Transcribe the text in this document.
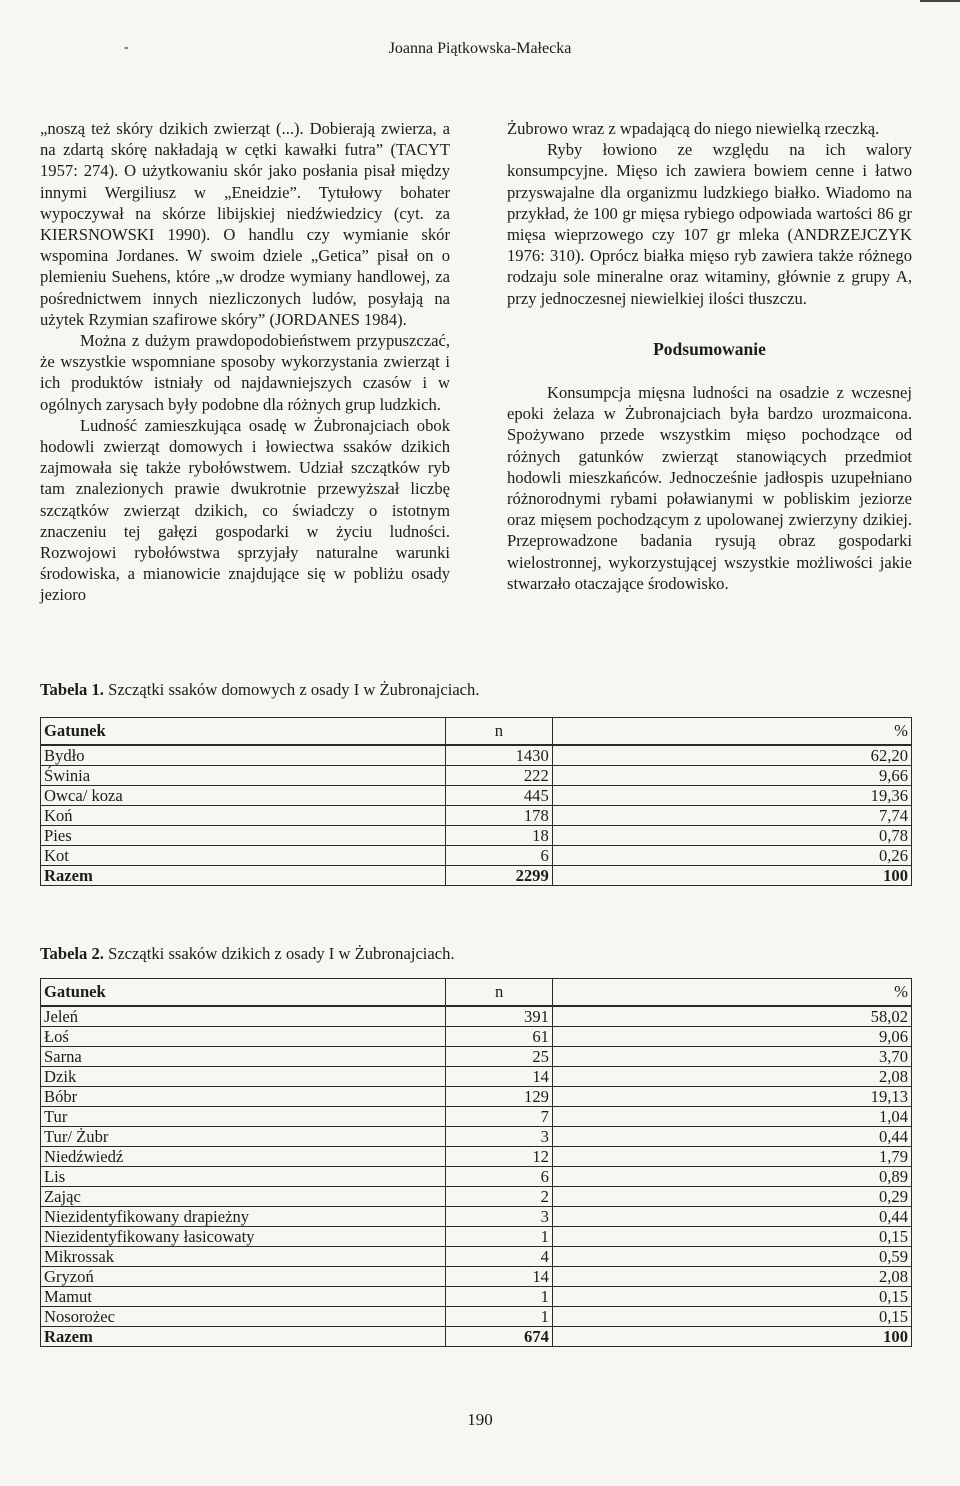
-	Joanna Piątkowska-Małecka

„noszą też skóry dzikich zwierząt (...). Dobierają zwierza, a na zdartą skórę nakładają w cętki kawałki futra” (TACYT 1957: 274). O użytkowaniu skór jako posłania pisał między innymi Wergiliusz w „Eneidzie”. Tytułowy bohater wypoczywał na skórze libijskiej niedźwiedzicy (cyt. za KIERSNOWSKI 1990). O handlu czy wymianie skór wspomina Jordanes. W swoim dziele „Getica” pisał on o plemieniu Suehens, które „w drodze wymiany handlowej, za pośrednictwem innych niezliczonych ludów, posyłają na użytek Rzymian szafirowe skóry” (JORDANES 1984).

Można z dużym prawdopodobieństwem przypuszczać, że wszystkie wspomniane sposoby wykorzystania zwierząt i ich produktów istniały od najdawniejszych czasów i w ogólnych zarysach były podobne dla różnych grup ludzkich.

Ludność zamieszkująca osadę w Żubronajciach obok hodowli zwierząt domowych i łowiectwa ssaków dzikich zajmowała się także rybołówstwem. Udział szczątków ryb tam znalezionych prawie dwukrotnie przewyższał liczbę szczątków zwierząt dzikich, co świadczy o istotnym znaczeniu tej gałęzi gospodarki w życiu ludności. Rozwojowi rybołówstwa sprzyjały naturalne warunki środowiska, a mianowicie znajdujące się w pobliżu osady jezioro

Żubrowo wraz z wpadającą do niego niewielką rzeczką.

Ryby łowiono ze względu na ich walory konsumpcyjne. Mięso ich zawiera bowiem cenne i łatwo przyswajalne dla organizmu ludzkiego białko. Wiadomo na przykład, że 100 gr mięsa rybiego odpowiada wartości 86 gr mięsa wieprzowego czy 107 gr mleka (ANDRZEJCZYK 1976: 310). Oprócz białka mięso ryb zawiera także różnego rodzaju sole mineralne oraz witaminy, głównie z grupy A, przy jednoczesnej niewielkiej ilości tłuszczu.

Podsumowanie

Konsumpcja mięsna ludności na osadzie z wczesnej epoki żelaza w Żubronajciach była bardzo urozmaicona. Spożywano przede wszystkim mięso pochodzące od różnych gatunków zwierząt stanowiących przedmiot hodowli mieszkańców. Jednocześnie jadłospis uzupełniano różnorodnymi rybami poławianymi w pobliskim jeziorze oraz mięsem pochodzącym z upolowanej zwierzyny dzikiej. Przeprowadzone badania rysują obraz gospodarki wielostronnej, wykorzystującej wszystkie możliwości jakie stwarzało otaczające środowisko.

Tabela 1. Szczątki ssaków domowych z osady I w Żubronajciach.
Gatunek	n	%
Bydło	1430	62,20
Świnia	222	9,66
Owca/ koza	445	19,36
Koń	178	7,74
Pies	18	0,78
Kot	6	0,26
Razem	2299	100
Tabela 2. Szczątki ssaków dzikich z osady I w Żubronajciach.
Gatunek	n	%
Jeleń	391	58,02
Łoś	61	9,06
Sarna	25	3,70
Dzik	14	2,08
Bóbr	129	19,13
Tur	7	1,04
Tur/ Żubr	3	0,44
Niedźwiedź	12	1,79
Lis	6	0,89
Zając	2	0,29
Niezidentyfikowany drapieżny	3	0,44
Niezidentyfikowany łasicowaty	1	0,15
Mikrossak	4	0,59
Gryzoń	14	2,08
Mamut	1	0,15
Nosorożec	1	0,15
Razem	674	100
190
